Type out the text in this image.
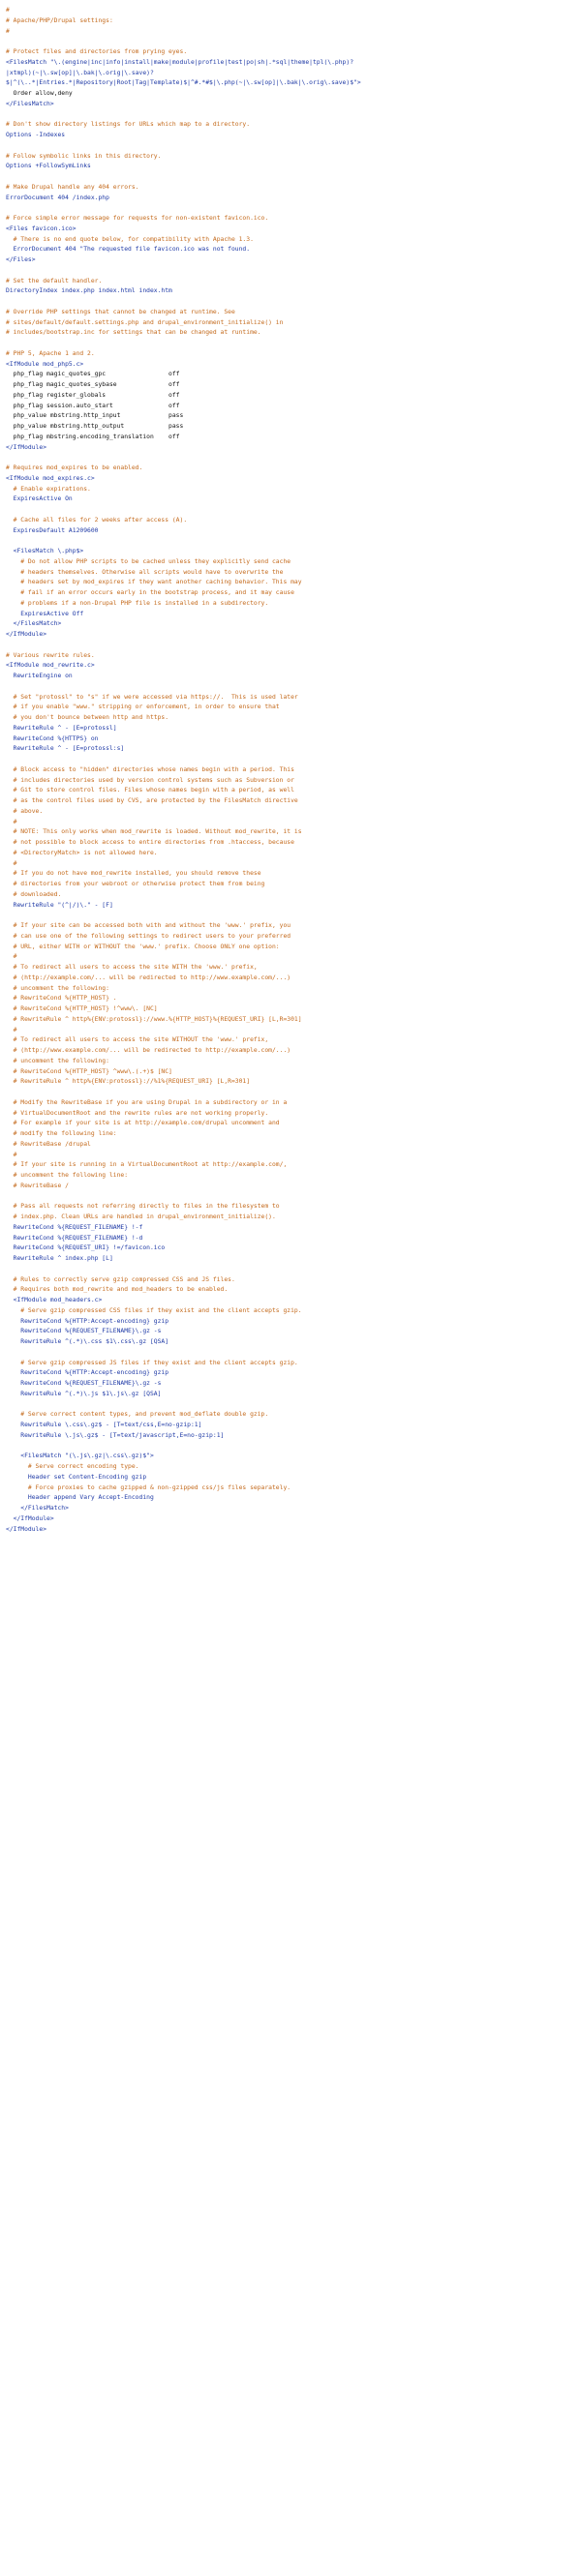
#
# Apache/PHP/Drupal settings:
#
# Protect files and directories from prying eyes.
<FilesMatch "\.(engine|inc|info|install|make|module|profile|test|po|sh|.*sql|theme|tpl(\.php)?
|xtmpl)(~|\.sw[op]|\.bak|\.orig|\.save)?
$|^(\..*|Entries.*|Repository|Root|Tag|Template)$|^#.*#$|\.php(~|\.sw[op]|\.bak|\.orig\.save)$">
Order allow,deny
</FilesMatch>
# Don't show directory listings for URLs which map to a directory.
Options -Indexes
# Follow symbolic links in this directory.
Options +FollowSymLinks
# Make Drupal handle any 404 errors.
ErrorDocument 404 /index.php
# Force simple error message for requests for non-existent favicon.ico.
<Files favicon.ico>
# There is no end quote below, for compatibility with Apache 1.3.
ErrorDocument 404 "The requested file favicon.ico was not found.
</Files>
# Set the default handler.
DirectoryIndex index.php index.html index.htm
# Override PHP settings that cannot be changed at runtime. See
# sites/default/default.settings.php and drupal_environment_initialize() in
# includes/bootstrap.inc for settings that can be changed at runtime.
# PHP 5, Apache 1 and 2.
<IfModule mod_php5.c>
php_flag magic_quotes_gpc                 off
php_flag magic_quotes_sybase              off
php_flag register_globals                 off
php_flag session.auto_start               off
php_value mbstring.http_input             pass
php_value mbstring.http_output            pass
php_flag mbstring.encoding_translation    off
</IfModule>
# Requires mod_expires to be enabled.
<IfModule mod_expires.c>
# Enable expirations.
ExpiresActive On
# Cache all files for 2 weeks after access (A).
ExpiresDefault A1209600
<FilesMatch \.php$>
# Do not allow PHP scripts to be cached unless they explicitly send cache
# headers themselves. Otherwise all scripts would have to overwrite the
# headers set by mod_expires if they want another caching behavior. This may
# fail if an error occurs early in the bootstrap process, and it may cause
# problems if a non-Drupal PHP file is installed in a subdirectory.
ExpiresActive Off
</FilesMatch>
</IfModule>
# Various rewrite rules.
<IfModule mod_rewrite.c>
RewriteEngine on
# Set "protossl" to "s" if we were accessed via https://.  This is used later
# if you enable "www." stripping or enforcement, in order to ensure that
# you don't bounce between http and https.
RewriteRule ^ - [E=protossl]
RewriteCond %{HTTPS} on
RewriteRule ^ - [E=protossl:s]
# Block access to "hidden" directories whose names begin with a period. This
# includes directories used by version control systems such as Subversion or
# Git to store control files. Files whose names begin with a period, as well
# as the control files used by CVS, are protected by the FilesMatch directive
# above.
#
# NOTE: This only works when mod_rewrite is loaded. Without mod_rewrite, it is
# not possible to block access to entire directories from .htaccess, because
# <DirectoryMatch> is not allowed here.
#
# If you do not have mod_rewrite installed, you should remove these
# directories from your webroot or otherwise protect them from being
# downloaded.
RewriteRule "(^|/)\." - [F]
# If your site can be accessed both with and without the 'www.' prefix, you
# can use one of the following settings to redirect users to your preferred
# URL, either WITH or WITHOUT the 'www.' prefix. Choose ONLY one option:
#
# To redirect all users to access the site WITH the 'www.' prefix,
# (http://example.com/... will be redirected to http://www.example.com/...)
# uncomment the following:
# RewriteCond %{HTTP_HOST} .
# RewriteCond %{HTTP_HOST} !^www\. [NC]
# RewriteRule ^ http%{ENV:protossl}://www.%{HTTP_HOST}%{REQUEST_URI} [L,R=301]
#
# To redirect all users to access the site WITHOUT the 'www.' prefix,
# (http://www.example.com/... will be redirected to http://example.com/...)
# uncomment the following:
# RewriteCond %{HTTP_HOST} ^www\.(.+)$ [NC]
# RewriteRule ^ http%{ENV:protossl}://%1%{REQUEST_URI} [L,R=301]
# Modify the RewriteBase if you are using Drupal in a subdirectory or in a
# VirtualDocumentRoot and the rewrite rules are not working properly.
# For example if your site is at http://example.com/drupal uncomment and
# modify the following line:
# RewriteBase /drupal
#
# If your site is running in a VirtualDocumentRoot at http://example.com/,
# uncomment the following line:
# RewriteBase /
# Pass all requests not referring directly to files in the filesystem to
# index.php. Clean URLs are handled in drupal_environment_initialize().
RewriteCond %{REQUEST_FILENAME} !-f
RewriteCond %{REQUEST_FILENAME} !-d
RewriteCond %{REQUEST_URI} !=/favicon.ico
RewriteRule ^ index.php [L]
# Rules to correctly serve gzip compressed CSS and JS files.
# Requires both mod_rewrite and mod_headers to be enabled.
<IfModule mod_headers.c>
# Serve gzip compressed CSS files if they exist and the client accepts gzip.
RewriteCond %{HTTP:Accept-encoding} gzip
RewriteCond %{REQUEST_FILENAME}\.gz -s
RewriteRule ^(.*)\.css $1\.css\.gz [QSA]
# Serve gzip compressed JS files if they exist and the client accepts gzip.
RewriteCond %{HTTP:Accept-encoding} gzip
RewriteCond %{REQUEST_FILENAME}\.gz -s
RewriteRule ^(.*)\.js $1\.js\.gz [QSA]
# Serve correct content types, and prevent mod_deflate double gzip.
RewriteRule \.css\.gz$ - [T=text/css,E=no-gzip:1]
RewriteRule \.js\.gz$ - [T=text/javascript,E=no-gzip:1]
<FilesMatch "(\.js\.gz|\.css\.gz)$">
# Serve correct encoding type.
Header set Content-Encoding gzip
# Force proxies to cache gzipped & non-gzipped css/js files separately.
Header append Vary Accept-Encoding
</FilesMatch>
</IfModule>
</IfModule>
